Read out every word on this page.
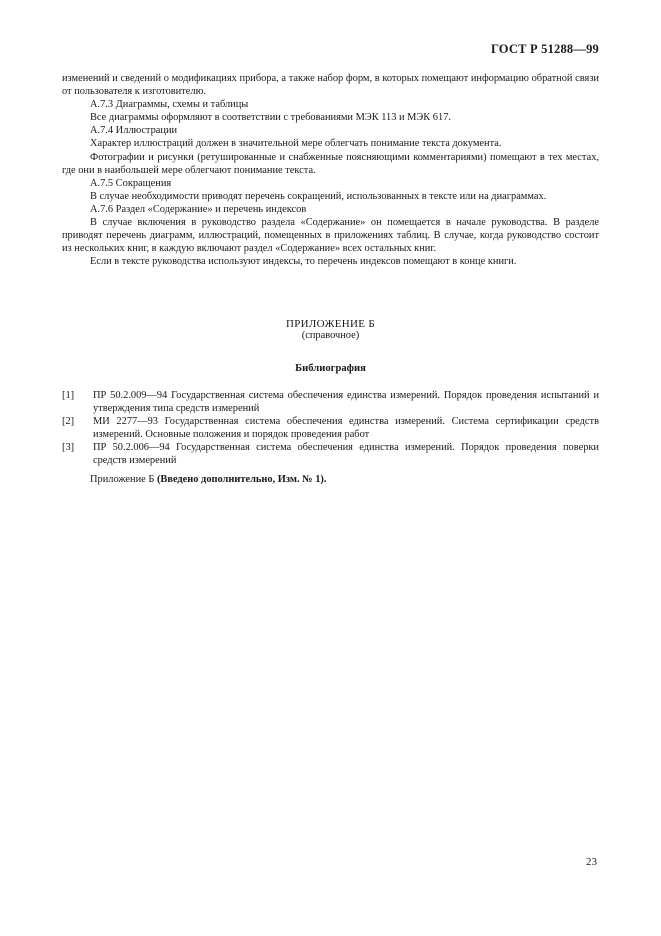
ГОСТ Р 51288—99

изменений и сведений о модификациях прибора, а также набор форм, в которых помещают информацию обратной связи от пользователя к изготовителю.

А.7.3 Диаграммы, схемы и таблицы

Все диаграммы оформляют в соответствии с требованиями МЭК 113 и МЭК 617.

А.7.4 Иллюстрации

Характер иллюстраций должен в значительной мере облегчать понимание текста документа.

Фотографии и рисунки (ретушированные и снабженные поясняющими комментариями) помещают в тех местах, где они в наибольшей мере облегчают понимание текста.

А.7.5 Сокращения

В случае необходимости приводят перечень сокращений, использованных в тексте или на диаграммах.

А.7.6 Раздел «Содержание» и перечень индексов

В случае включения в руководство раздела «Содержание» он помещается в начале руководства. В разделе приводят перечень диаграмм, иллюстраций, помещенных в приложениях таблиц. В случае, когда руководство состоит из нескольких книг, в каждую включают раздел «Содержание» всех остальных книг.

Если в тексте руководства используют индексы, то перечень индексов помещают в конце книги.

ПРИЛОЖЕНИЕ Б
(справочное)
Библиография
[1]	ПР 50.2.009—94 Государственная система обеспечения единства измерений. Порядок проведения испытаний и утверждения типа средств измерений
[2]	МИ 2277—93 Государственная система обеспечения единства измерений. Система сертификации средств измерений. Основные положения и порядок проведения работ
[3]	ПР 50.2.006—94 Государственная система обеспечения единства измерений. Порядок проведения поверки средств измерений
Приложение Б (Введено дополнительно, Изм. № 1).
23
